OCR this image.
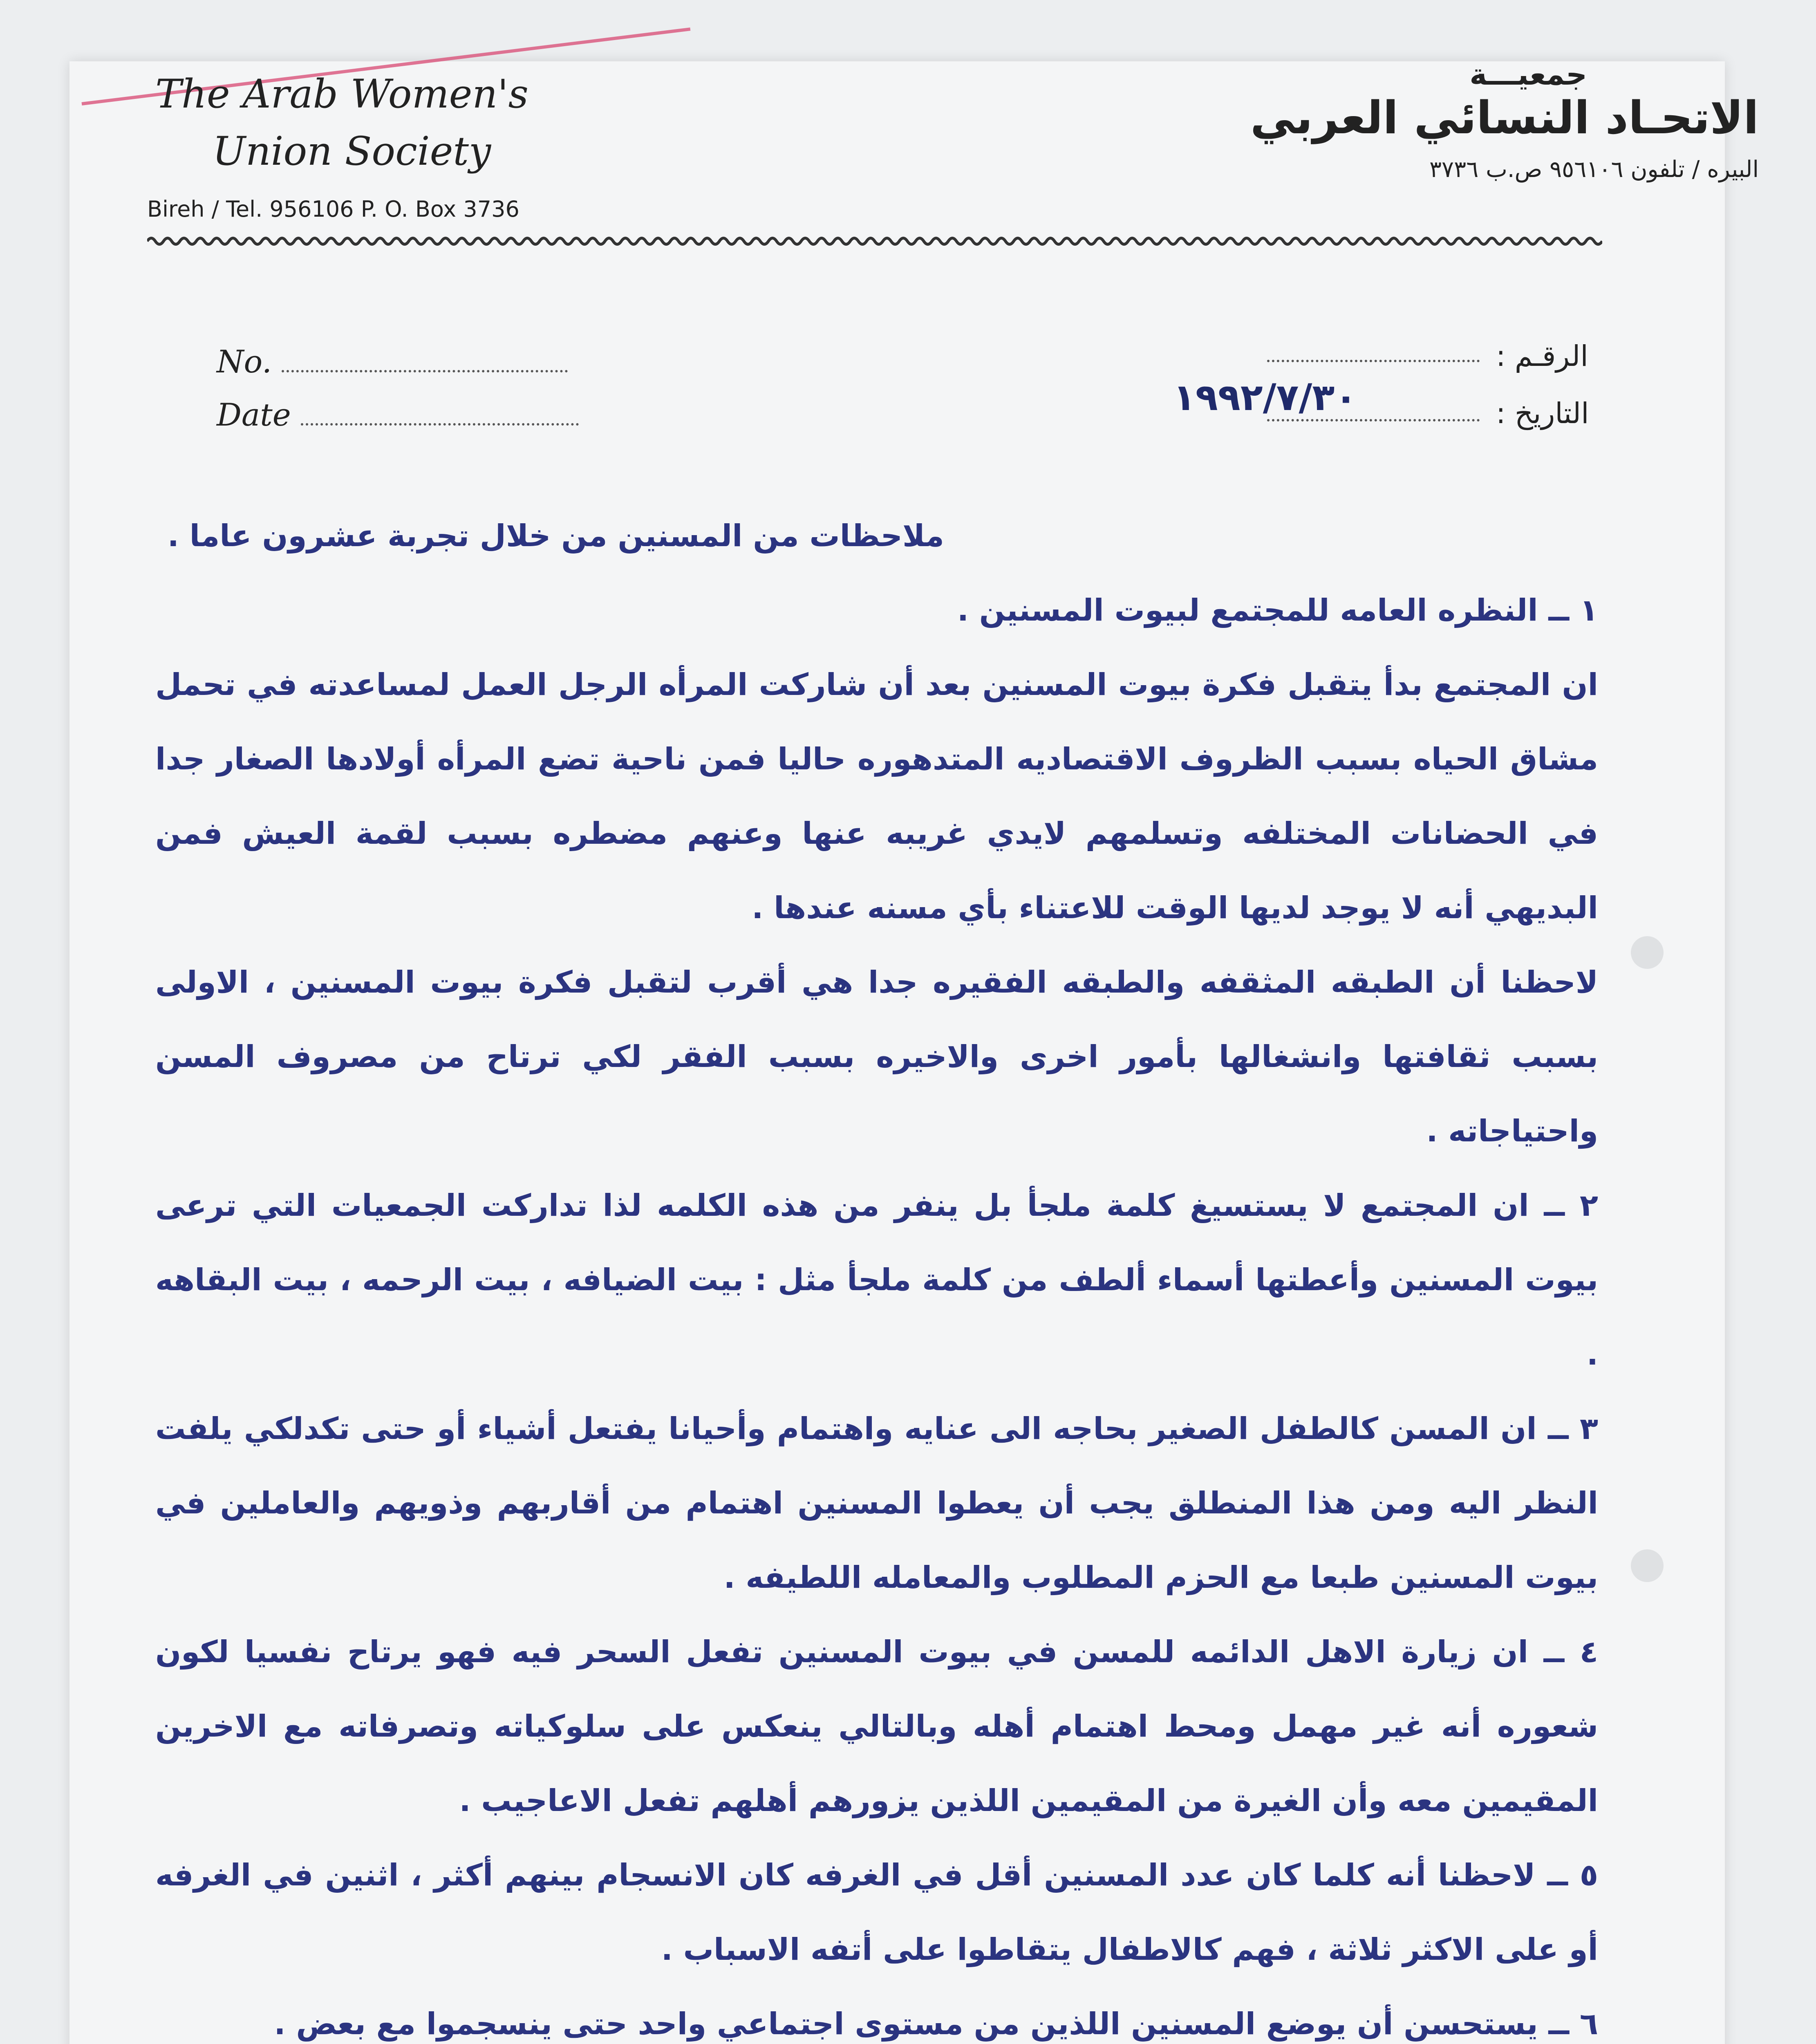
The Arab Women's
Union Society
Bireh / Tel. 956106 P. O. Box 3736
جمعيـــة
الاتحـاد النسائي العربي
البيره / تلفون ٩٥٦١٠٦ ص.ب ٣٧٣٦
No.
Date
الرقـم :
التاريخ :
١٩٩٢/٧/٣٠

ملاحظات من المسنين من خلال تجربة عشرون عاما .

١ ــ النظره العامه للمجتمع لبيوت المسنين .

ان المجتمع بدأ يتقبل فكرة بيوت المسنين بعد أن شاركت المرأه الرجل العمل لمساعدته في تحمل مشاق الحياه بسبب الظروف الاقتصاديه المتدهوره حاليا فمن ناحية تضع المرأه أولادها الصغار جدا في الحضانات المختلفه وتسلمهم لايدي غريبه عنها وعنهم مضطره بسبب لقمة العيش فمن البديهي أنه لا يوجد لديها الوقت للاعتناء بأي مسنه عندها .

لاحظنا أن الطبقه المثقفه والطبقه الفقيره جدا هي أقرب لتقبل فكرة بيوت المسنين ، الاولى بسبب ثقافتها وانشغالها بأمور اخرى والاخيره بسبب الفقر لكي ترتاح من مصروف المسن واحتياجاته .

٢ ــ ان المجتمع لا يستسيغ كلمة ملجأ بل ينفر من هذه الكلمه لذا تداركت الجمعيات التي ترعى بيوت المسنين وأعطتها أسماء ألطف من كلمة ملجأ مثل : بيت الضيافه ، بيت الرحمه ، بيت البقاهه .

٣ ــ ان المسن كالطفل الصغير بحاجه الى عنايه واهتمام وأحيانا يفتعل أشياء أو حتى تكدلكي يلفت النظر اليه ومن هذا المنطلق يجب أن يعطوا المسنين اهتمام من أقاربهم وذويهم والعاملين في بيوت المسنين طبعا مع الحزم المطلوب والمعامله اللطيفه .

٤ ــ ان زيارة الاهل الدائمه للمسن في بيوت المسنين تفعل السحر فيه فهو يرتاح نفسيا لكون شعوره أنه غير مهمل ومحط اهتمام أهله وبالتالي ينعكس على سلوكياته وتصرفاته مع الاخرين المقيمين معه وأن الغيرة من المقيمين اللذين يزورهم أهلهم تفعل الاعاجيب .

٥ ــ لاحظنا أنه كلما كان عدد المسنين أقل في الغرفه كان الانسجام بينهم أكثر ، اثنين في الغرفه أو على الاكثر ثلاثة ، فهم كالاطفال يتقاطوا على أتفه الاسباب .

٦ ــ يستحسن أن يوضع المسنين اللذين من مستوى اجتماعي واحد حتى ينسجموا مع بعض .
